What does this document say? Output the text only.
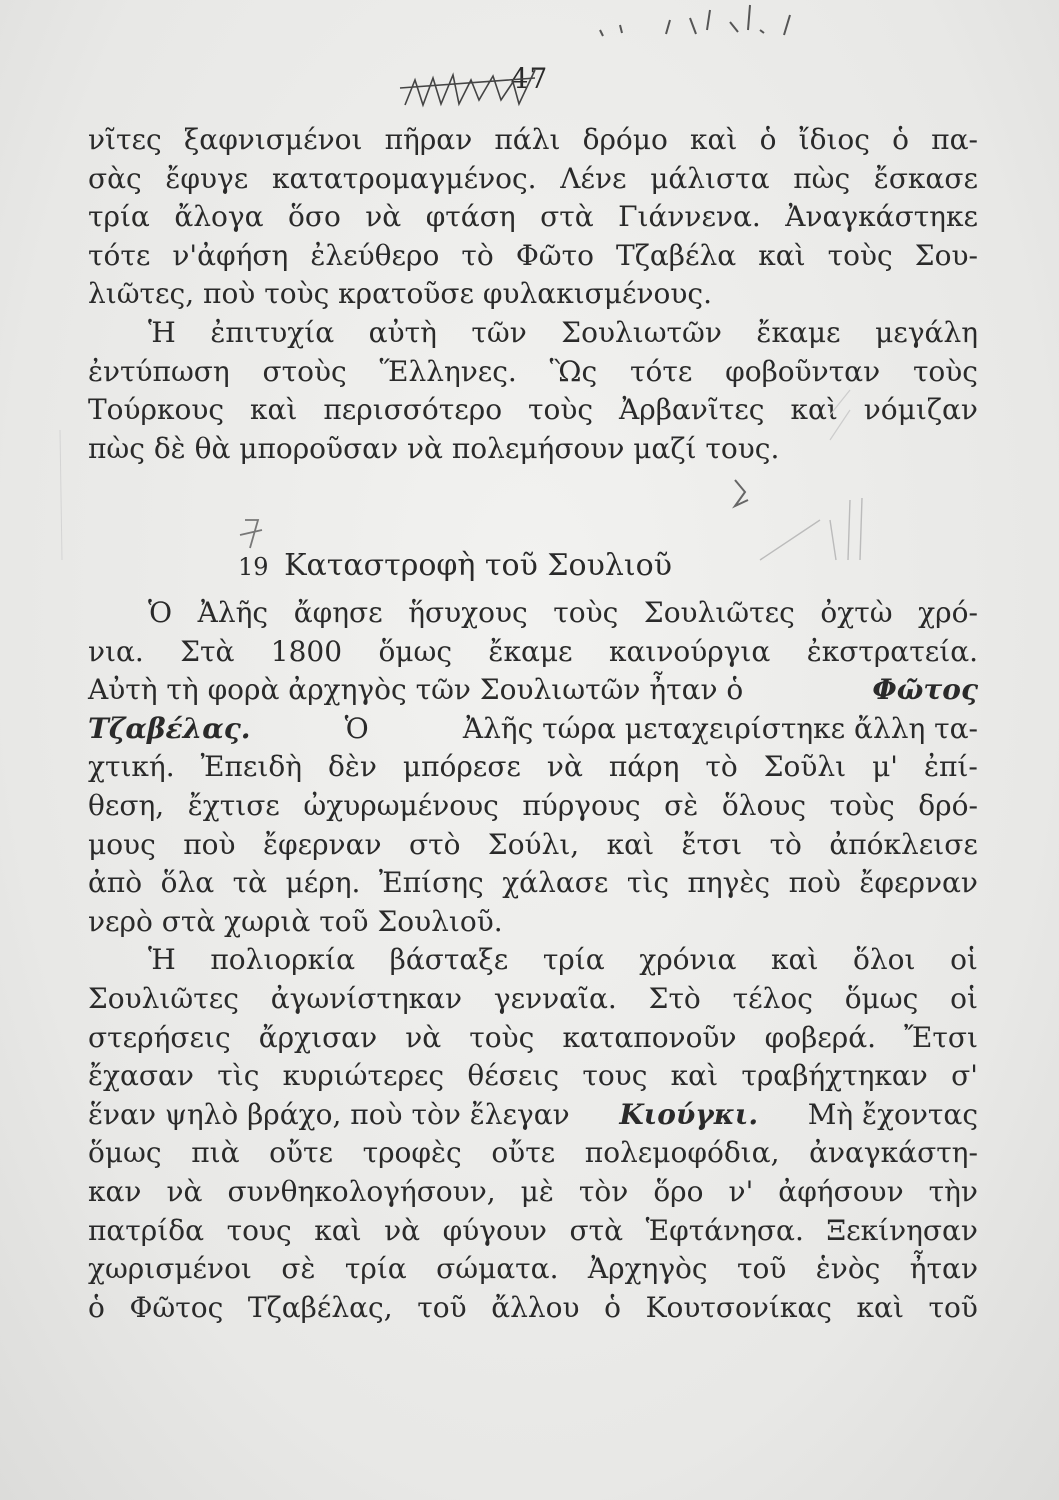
47
νῖτες ξαφνισμένοι πῆραν πάλι δρόμο καὶ ὁ ἴδιος ὁ πα-
σὰς ἔφυγε κατατρομαγμένος. Λένε μάλιστα πὼς ἔσκασε
τρία ἄλογα ὅσο νὰ φτάση στὰ Γιάννενα. Ἀναγκάστηκε
τότε ν'ἀφήση ἐλεύθερο τὸ Φῶτο Τζαβέλα καὶ τοὺς Σου-
λιῶτες, ποὺ τοὺς κρατοῦσε φυλακισμένους.
Ἡ ἐπιτυχία αὐτὴ τῶν Σουλιωτῶν ἔκαμε μεγάλη
ἐντύπωση στοὺς Ἕλληνες. Ὣς τότε φοβοῦνταν τοὺς
Τούρκους καὶ περισσότερο τοὺς Ἀρβανῖτες καὶ νόμιζαν
πὼς δὲ θὰ μποροῦσαν νὰ πολεμήσουν μαζί τους.
19 Καταστροφὴ τοῦ Σουλιοῦ
Ὁ Ἀλῆς ἄφησε ἥσυχους τοὺς Σουλιῶτες ὀχτὼ χρό-
νια. Στὰ 1800 ὅμως ἔκαμε καινούργια ἐκστρατεία.
Αὐτὴ τὴ φορὰ ἀρχηγὸς τῶν Σουλιωτῶν ἦταν ὁ	Φῶτος
Τζαβέλας.	Ὁ	Ἀλῆς τώρα μεταχειρίστηκε ἄλλη τα-
χτική. Ἐπειδὴ δὲν μπόρεσε νὰ πάρη τὸ Σοῦλι μ' ἐπί-
θεση, ἔχτισε ὠχυρωμένους πύργους σὲ ὅλους τοὺς δρό-
μους ποὺ ἔφερναν στὸ Σούλι, καὶ ἔτσι τὸ ἀπόκλεισε
ἀπὸ ὅλα τὰ μέρη. Ἐπίσης χάλασε τὶς πηγὲς ποὺ ἔφερναν
νερὸ στὰ χωριὰ τοῦ Σουλιοῦ.
Ἡ πολιορκία βάσταξε τρία χρόνια καὶ ὅλοι οἱ
Σουλιῶτες ἀγωνίστηκαν γενναῖα. Στὸ τέλος ὅμως οἱ
στερήσεις ἄρχισαν νὰ τοὺς καταπονοῦν φοβερά. Ἔτσι
ἔχασαν τὶς κυριώτερες θέσεις τους καὶ τραβήχτηκαν σ'
ἕναν ψηλὸ βράχο, ποὺ τὸν ἔλεγαν Κιούγκι. Μὴ ἔχοντας
ὅμως πιὰ οὔτε τροφὲς οὔτε πολεμοφόδια, ἀναγκάστη-
καν νὰ συνθηκολογήσουν, μὲ τὸν ὅρο ν' ἀφήσουν τὴν
πατρίδα τους καὶ νὰ φύγουν στὰ Ἑφτάνησα. Ξεκίνησαν
χωρισμένοι σὲ τρία σώματα. Ἀρχηγὸς τοῦ ἑνὸς ἦταν
ὁ Φῶτος Τζαβέλας, τοῦ ἄλλου ὁ Κουτσονίκας καὶ τοῦ
